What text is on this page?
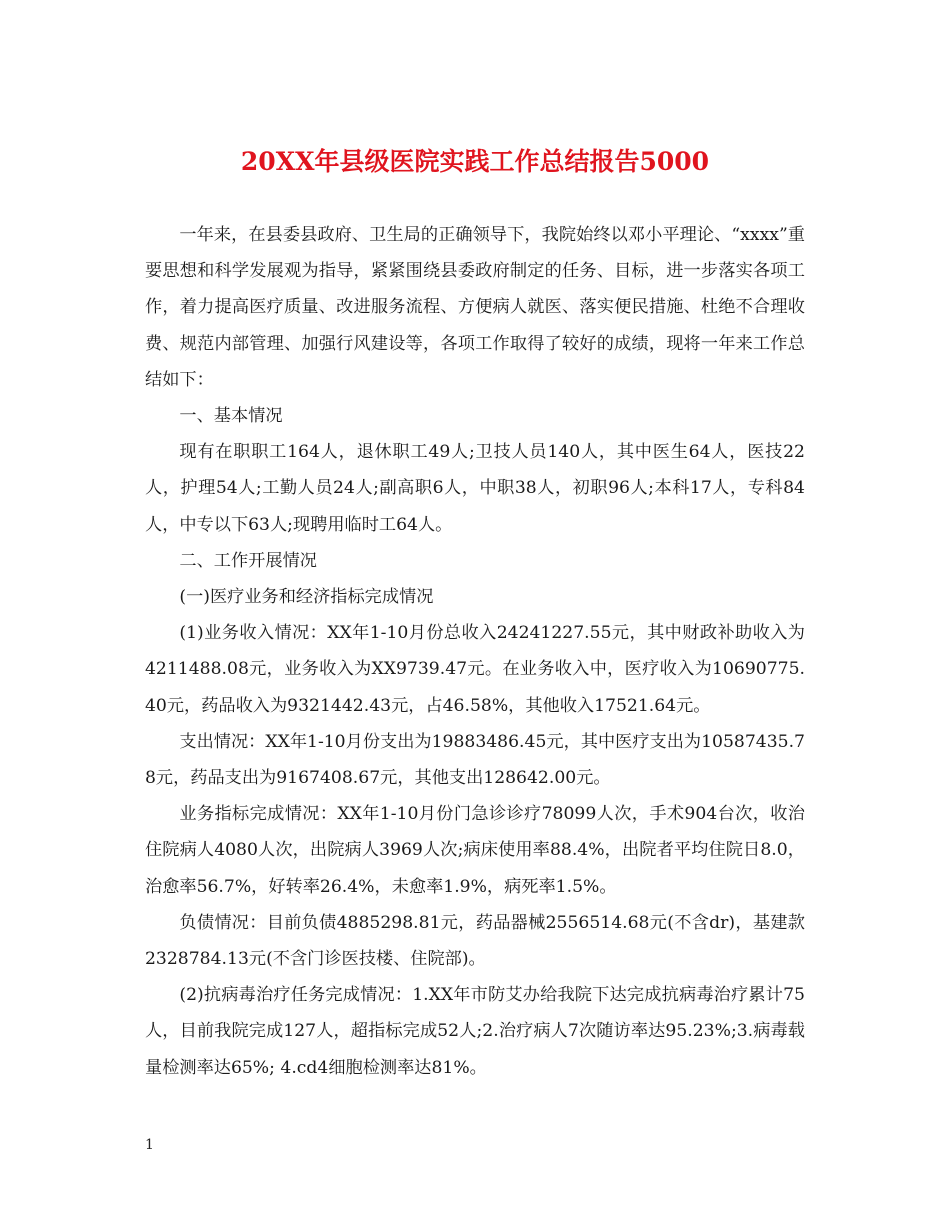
20XX年县级医院实践工作总结报告5000

一年来，在县委县政府、卫生局的正确领导下，我院始终以邓小平理论、“xxxx”重要思想和科学发展观为指导，紧紧围绕县委政府制定的任务、目标，进一步落实各项工作，着力提高医疗质量、改进服务流程、方便病人就医、落实便民措施、杜绝不合理收费、规范内部管理、加强行风建设等，各项工作取得了较好的成绩，现将一年来工作总结如下：

一、基本情况

现有在职职工164人，退休职工49人;卫技人员140人，其中医生64人，医技22人，护理54人;工勤人员24人;副高职6人，中职38人，初职96人;本科17人，专科84人，中专以下63人;现聘用临时工64人。

二、工作开展情况

(一)医疗业务和经济指标完成情况

(1)业务收入情况：XX年1-10月份总收入24241227.55元，其中财政补助收入为4211488.08元，业务收入为XX9739.47元。在业务收入中，医疗收入为10690775.40元，药品收入为9321442.43元，占46.58%，其他收入17521.64元。

支出情况：XX年1-10月份支出为19883486.45元，其中医疗支出为10587435.78元，药品支出为9167408.67元，其他支出128642.00元。

业务指标完成情况：XX年1-10月份门急诊诊疗78099人次，手术904台次，收治住院病人4080人次，出院病人3969人次;病床使用率88.4%，出院者平均住院日8.0，治愈率56.7%，好转率26.4%，未愈率1.9%，病死率1.5%。

负债情况：目前负债4885298.81元，药品器械2556514.68元(不含dr)，基建款2328784.13元(不含门诊医技楼、住院部)。

(2)抗病毒治疗任务完成情况：1.XX年市防艾办给我院下达完成抗病毒治疗累计75人，目前我院完成127人，超指标完成52人;2.治疗病人7次随访率达95.23%;3.病毒载量检测率达65%; 4.cd4细胞检测率达81%。

1
